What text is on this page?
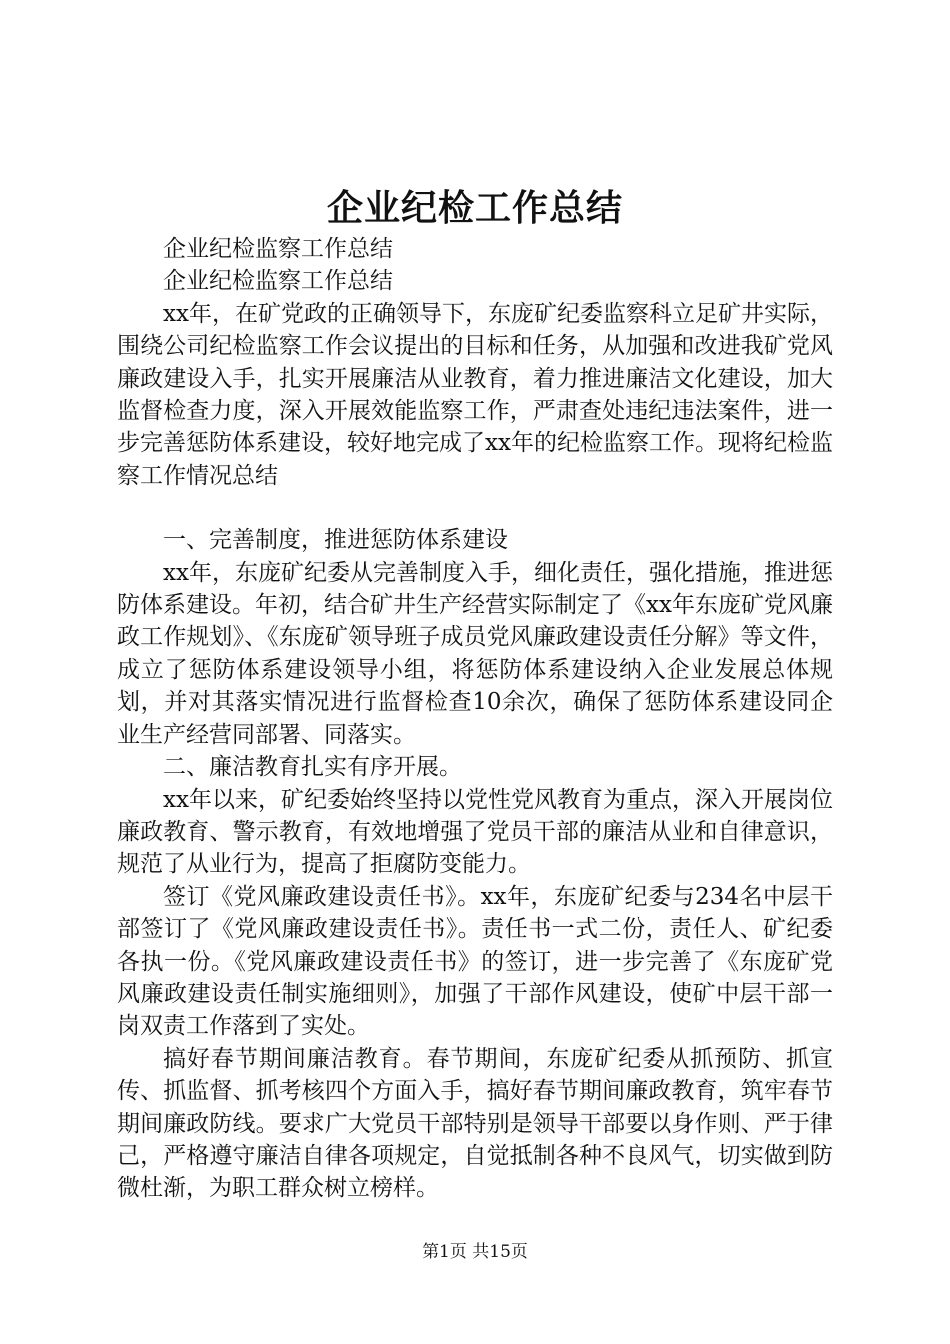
企业纪检工作总结

企业纪检监察工作总结

企业纪检监察工作总结

xx年，在矿党政的正确领导下，东庞矿纪委监察科立足矿井实际，围绕公司纪检监察工作会议提出的目标和任务，从加强和改进我矿党风廉政建设入手，扎实开展廉洁从业教育，着力推进廉洁文化建设，加大监督检查力度，深入开展效能监察工作，严肃查处违纪违法案件，进一步完善惩防体系建设，较好地完成了xx年的纪检监察工作。现将纪检监察工作情况总结

一、完善制度，推进惩防体系建设

xx年，东庞矿纪委从完善制度入手，细化责任，强化措施，推进惩防体系建设。年初，结合矿井生产经营实际制定了《xx年东庞矿党风廉政工作规划》、《东庞矿领导班子成员党风廉政建设责任分解》等文件，成立了惩防体系建设领导小组，将惩防体系建设纳入企业发展总体规划，并对其落实情况进行监督检查10余次，确保了惩防体系建设同企业生产经营同部署、同落实。

二、廉洁教育扎实有序开展。

xx年以来，矿纪委始终坚持以党性党风教育为重点，深入开展岗位廉政教育、警示教育，有效地增强了党员干部的廉洁从业和自律意识，规范了从业行为，提高了拒腐防变能力。

签订《党风廉政建设责任书》。xx年，东庞矿纪委与234名中层干部签订了《党风廉政建设责任书》。责任书一式二份，责任人、矿纪委各执一份。《党风廉政建设责任书》的签订，进一步完善了《东庞矿党风廉政建设责任制实施细则》，加强了干部作风建设，使矿中层干部一岗双责工作落到了实处。

搞好春节期间廉洁教育。春节期间，东庞矿纪委从抓预防、抓宣传、抓监督、抓考核四个方面入手，搞好春节期间廉政教育，筑牢春节期间廉政防线。要求广大党员干部特别是领导干部要以身作则、严于律己，严格遵守廉洁自律各项规定，自觉抵制各种不良风气，切实做到防微杜渐，为职工群众树立榜样。

第1页 共15页
